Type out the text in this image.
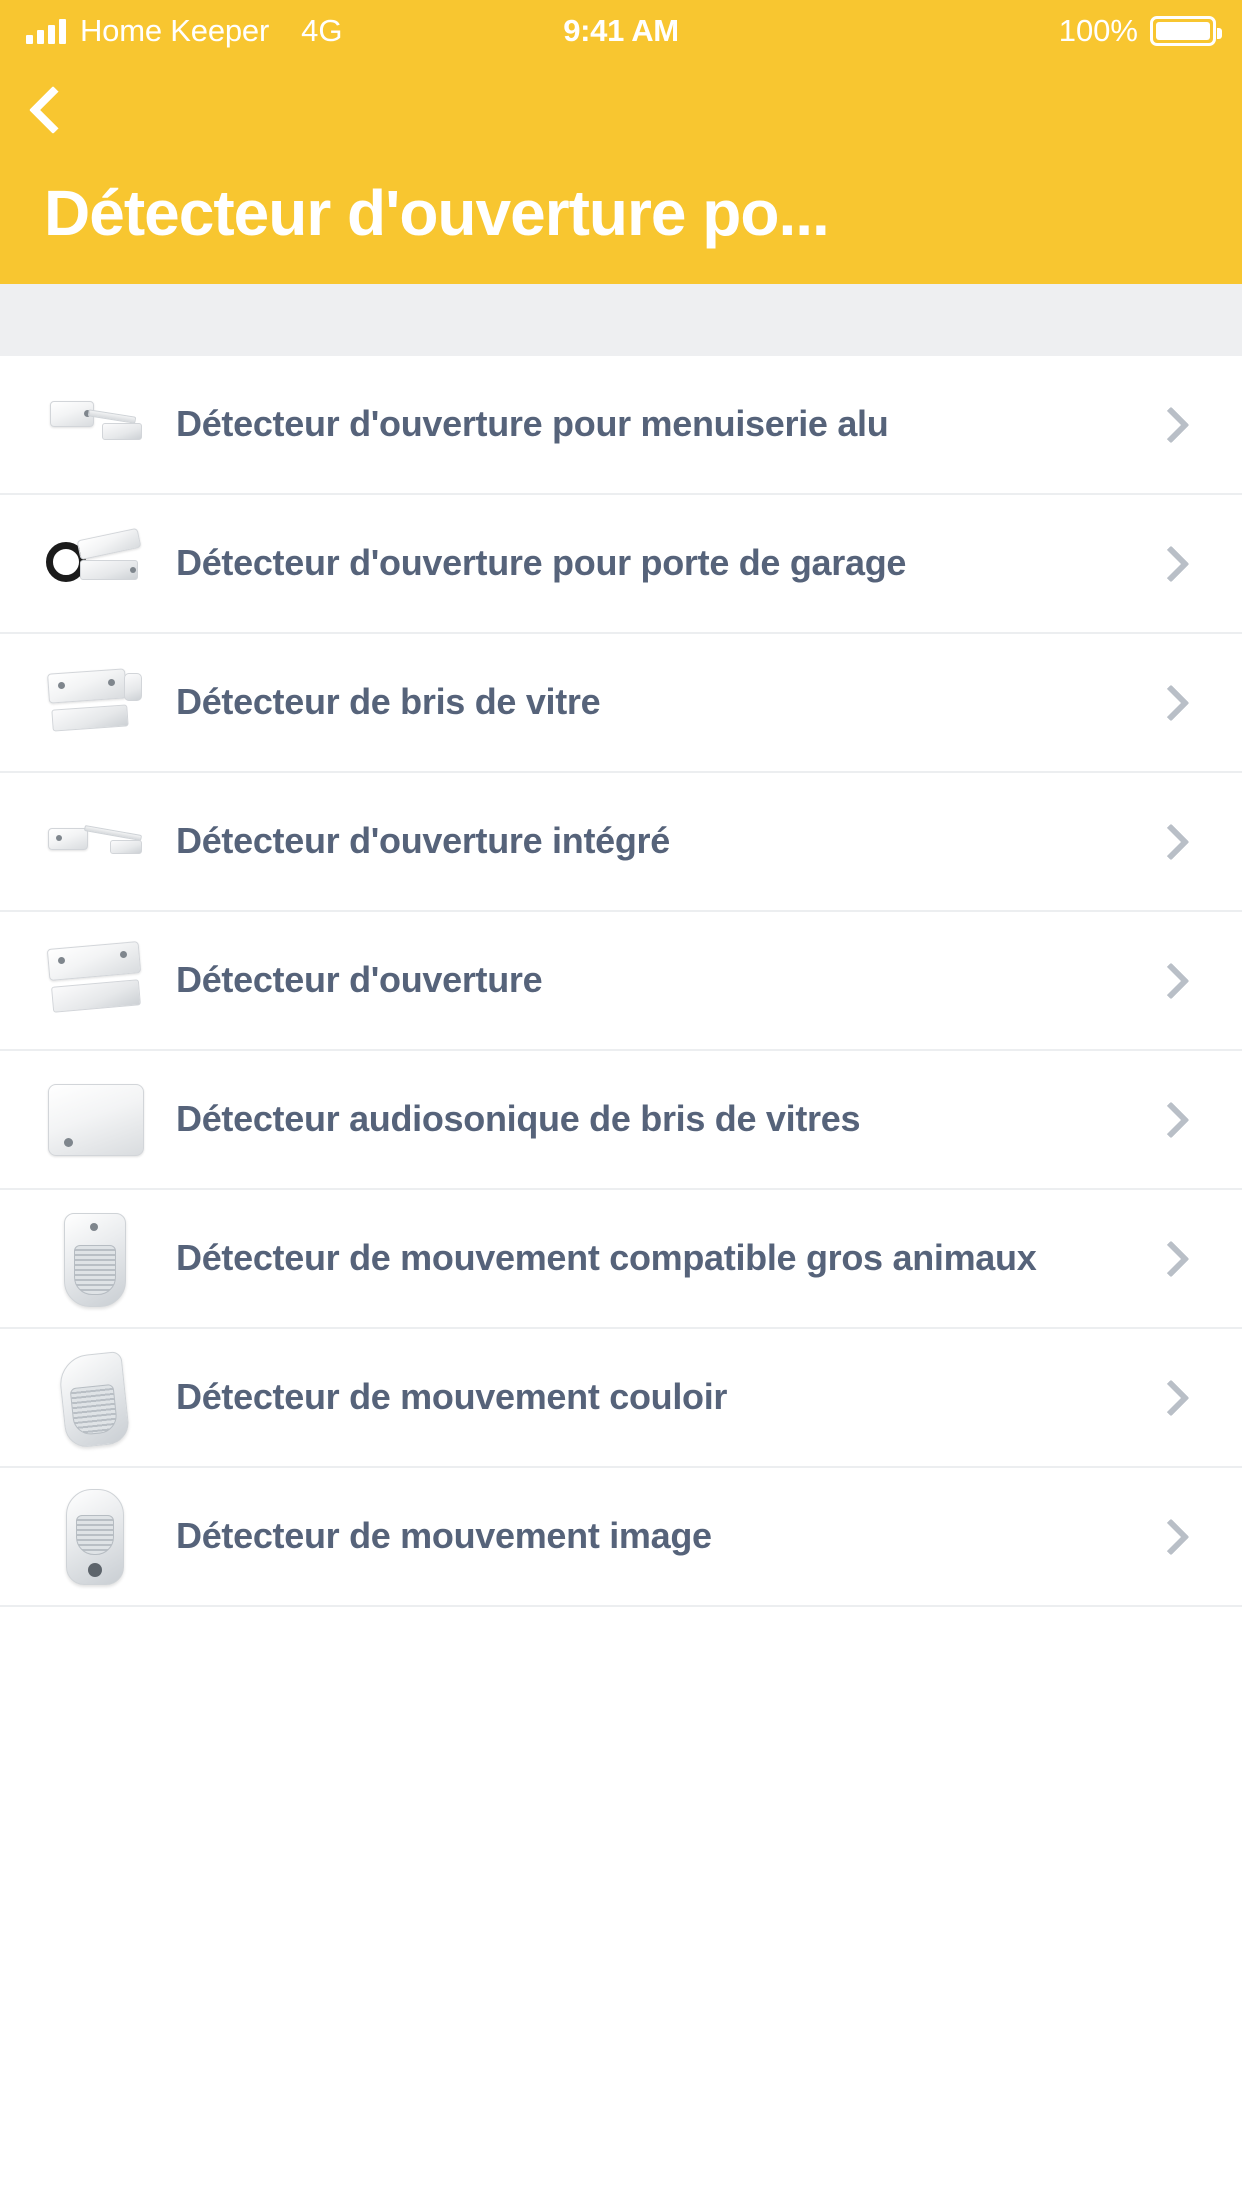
Home Keeper 4G	9:41 AM	100%
Détecteur d'ouverture po...
Détecteur d'ouverture pour menuiserie alu
Détecteur d'ouverture pour porte de garage
Détecteur de bris de vitre
Détecteur d'ouverture intégré
Détecteur d'ouverture
Détecteur audiosonique de bris de vitres
Détecteur de mouvement compatible gros animaux
Détecteur de mouvement couloir
Détecteur de mouvement image
